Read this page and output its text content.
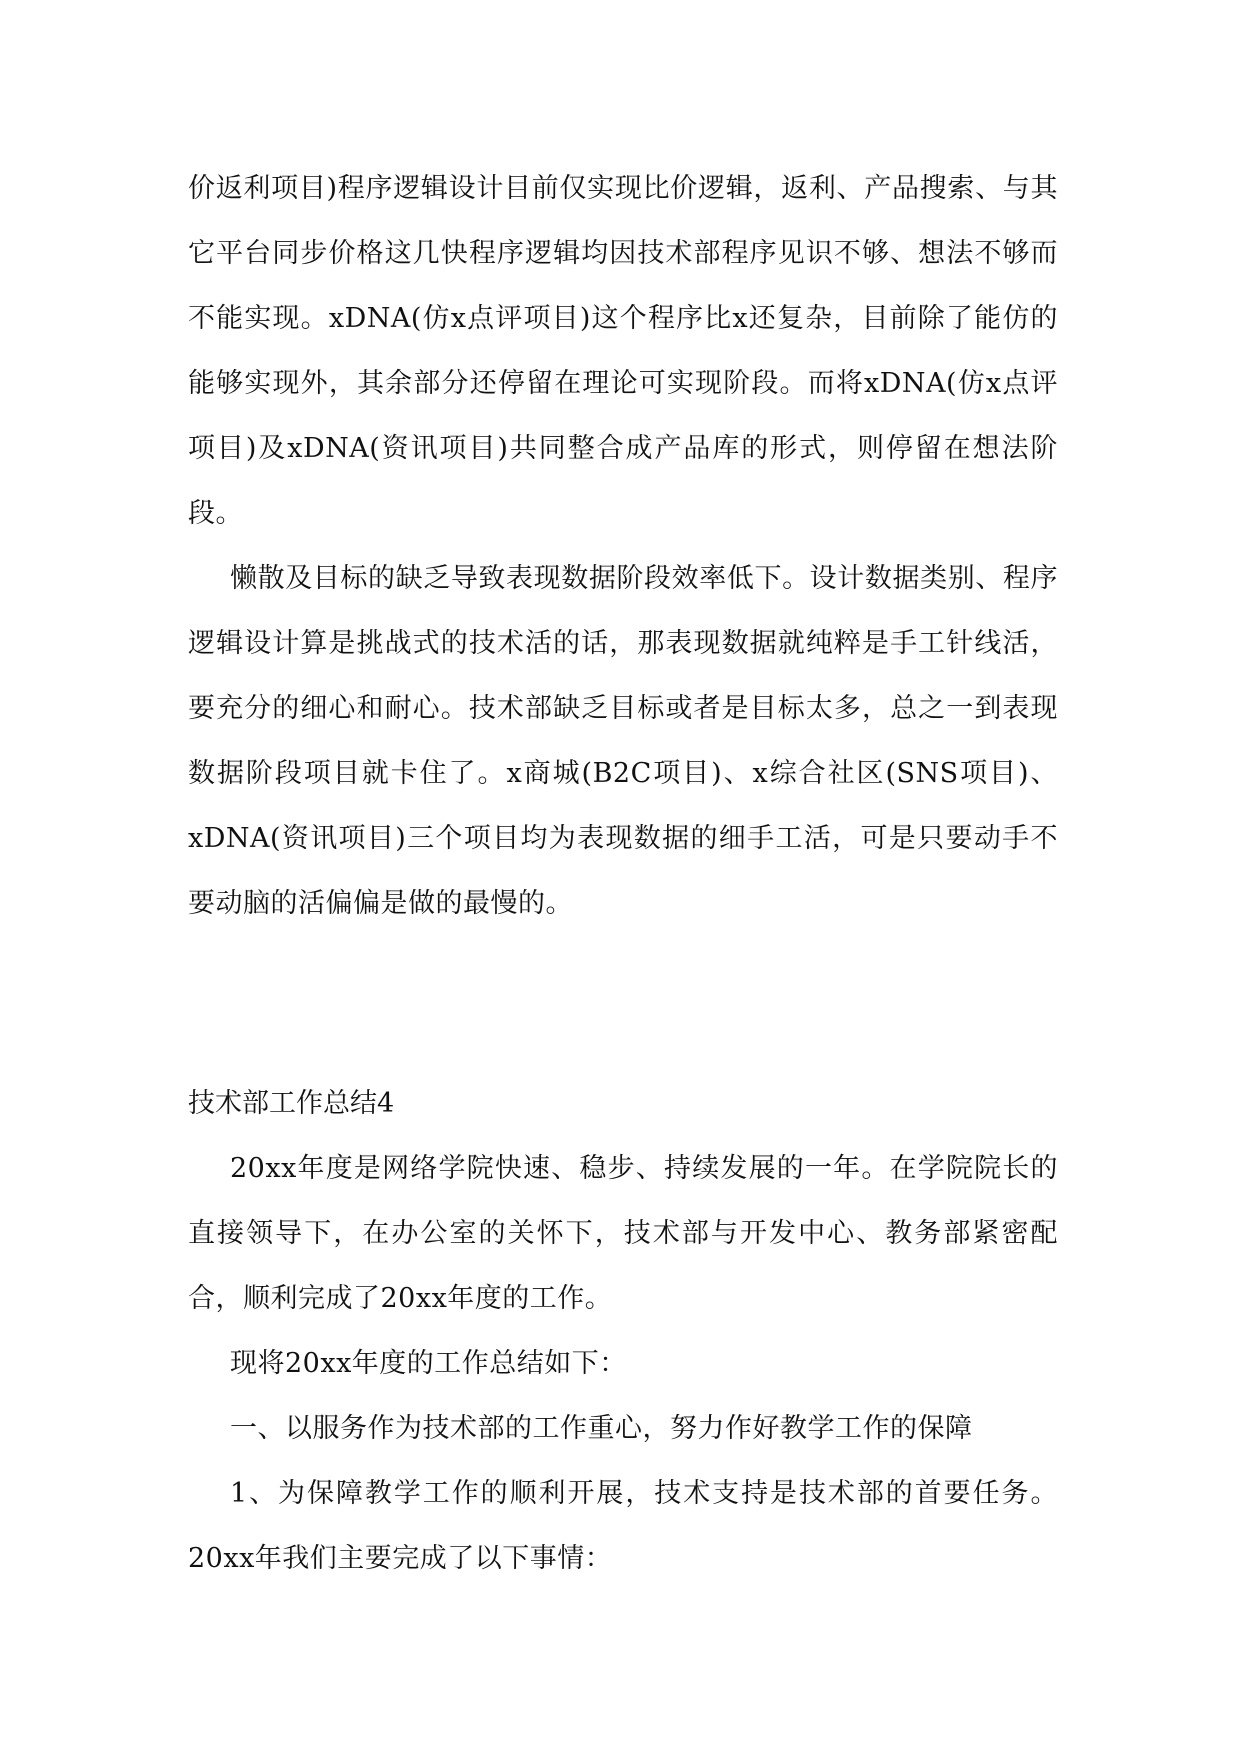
价返利项目)程序逻辑设计目前仅实现比价逻辑，返利、产品搜索、与其它平台同步价格这几快程序逻辑均因技术部程序见识不够、想法不够而不能实现。xDNA(仿x点评项目)这个程序比x还复杂，目前除了能仿的能够实现外，其余部分还停留在理论可实现阶段。而将xDNA(仿x点评项目)及xDNA(资讯项目)共同整合成产品库的形式，则停留在想法阶段。

懒散及目标的缺乏导致表现数据阶段效率低下。设计数据类别、程序逻辑设计算是挑战式的技术活的话，那表现数据就纯粹是手工针线活，要充分的细心和耐心。技术部缺乏目标或者是目标太多，总之一到表现数据阶段项目就卡住了。x商城(B2C项目)、x综合社区(SNS项目)、xDNA(资讯项目)三个项目均为表现数据的细手工活，可是只要动手不要动脑的活偏偏是做的最慢的。

技术部工作总结4

20xx年度是网络学院快速、稳步、持续发展的一年。在学院院长的直接领导下，在办公室的关怀下，技术部与开发中心、教务部紧密配合，顺利完成了20xx年度的工作。

现将20xx年度的工作总结如下：

一、以服务作为技术部的工作重心，努力作好教学工作的保障

1、为保障教学工作的顺利开展，技术支持是技术部的首要任务。20xx年我们主要完成了以下事情：
